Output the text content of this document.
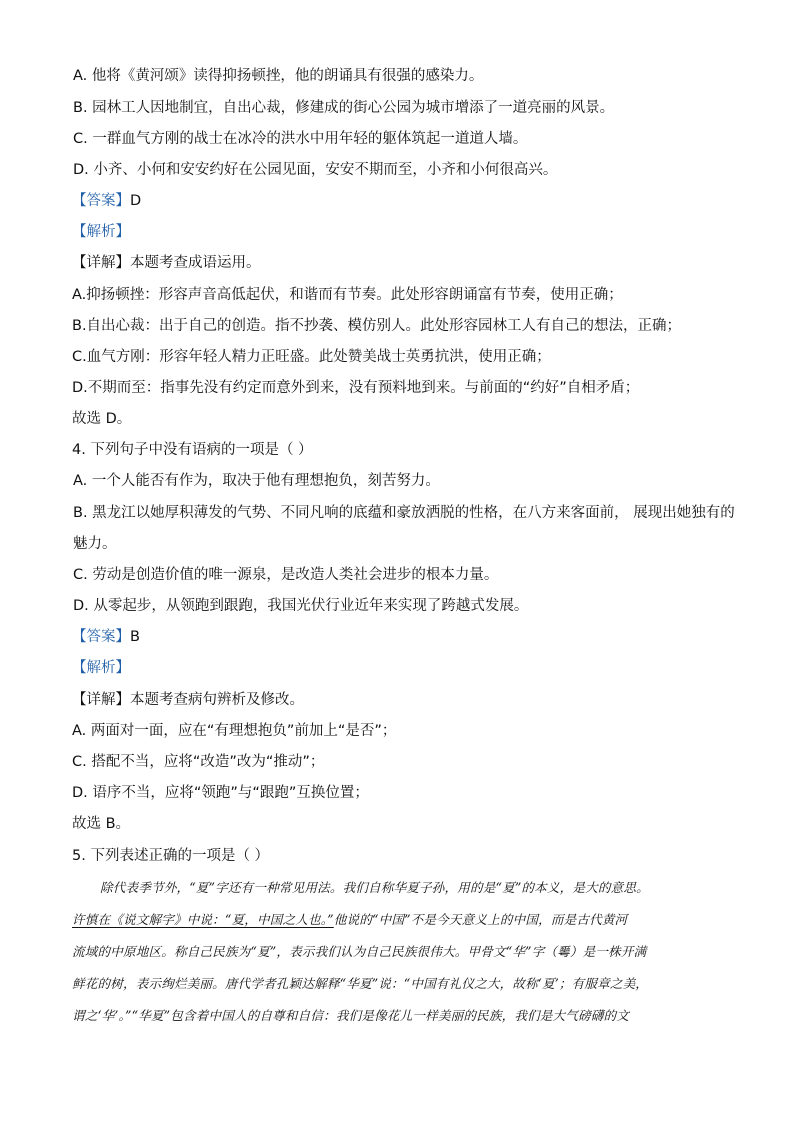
A. 他将《黄河颂》读得抑扬顿挫，他的朗诵具有很强的感染力。
B. 园林工人因地制宜，自出心裁，修建成的街心公园为城市增添了一道亮丽的风景。
C. 一群血气方刚的战士在冰冷的洪水中用年轻的躯体筑起一道道人墙。
D. 小齐、小何和安安约好在公园见面，安安不期而至，小齐和小何很高兴。
【答案】D
【解析】
【详解】本题考查成语运用。
A.抑扬顿挫：形容声音高低起伏，和谐而有节奏。此处形容朗诵富有节奏，使用正确；
B.自出心裁：出于自己的创造。指不抄袭、模仿别人。此处形容园林工人有自己的想法，正确；
C.血气方刚：形容年轻人精力正旺盛。此处赞美战士英勇抗洪，使用正确；
D.不期而至：指事先没有约定而意外到来，没有预料地到来。与前面的“约好”自相矛盾；
故选 D。
4. 下列句子中没有语病的一项是（ ）
A. 一个人能否有作为，取决于他有理想抱负，刻苦努力。
B. 黑龙江以她厚积薄发的气势、不同凡响的底蕴和豪放洒脱的性格，在八方来客面前， 展现出她独有的
魅力。
C. 劳动是创造价值的唯一源泉，是改造人类社会进步的根本力量。
D. 从零起步，从领跑到跟跑，我国光伏行业近年来实现了跨越式发展。
【答案】B
【解析】
【详解】本题考查病句辨析及修改。
A. 两面对一面，应在“有理想抱负”前加上“是否”；
C. 搭配不当，应将“改造”改为“推动”；
D. 语序不当，应将“领跑”与“跟跑”互换位置；
故选 B。
5. 下列表述正确的一项是（ ）
除代表季节外，“夏”字还有一种常见用法。我们自称华夏子孙，用的是“夏”的本义，是大的意思。
许慎在《说文解字》中说：“夏，中国之人也。”他说的“中国”不是今天意义上的中国，而是古代黄河
流域的中原地区。称自己民族为“夏”，表示我们认为自己民族很伟大。甲骨文“华”字（𠌶）是一株开满
鲜花的树，表示绚烂美丽。唐代学者孔颖达解释“华夏”说：“中国有礼仪之大，故称‘夏’；有服章之美，
谓之‘华’。”“华夏”包含着中国人的自尊和自信：我们是像花儿一样美丽的民族，我们是大气磅礴的文
